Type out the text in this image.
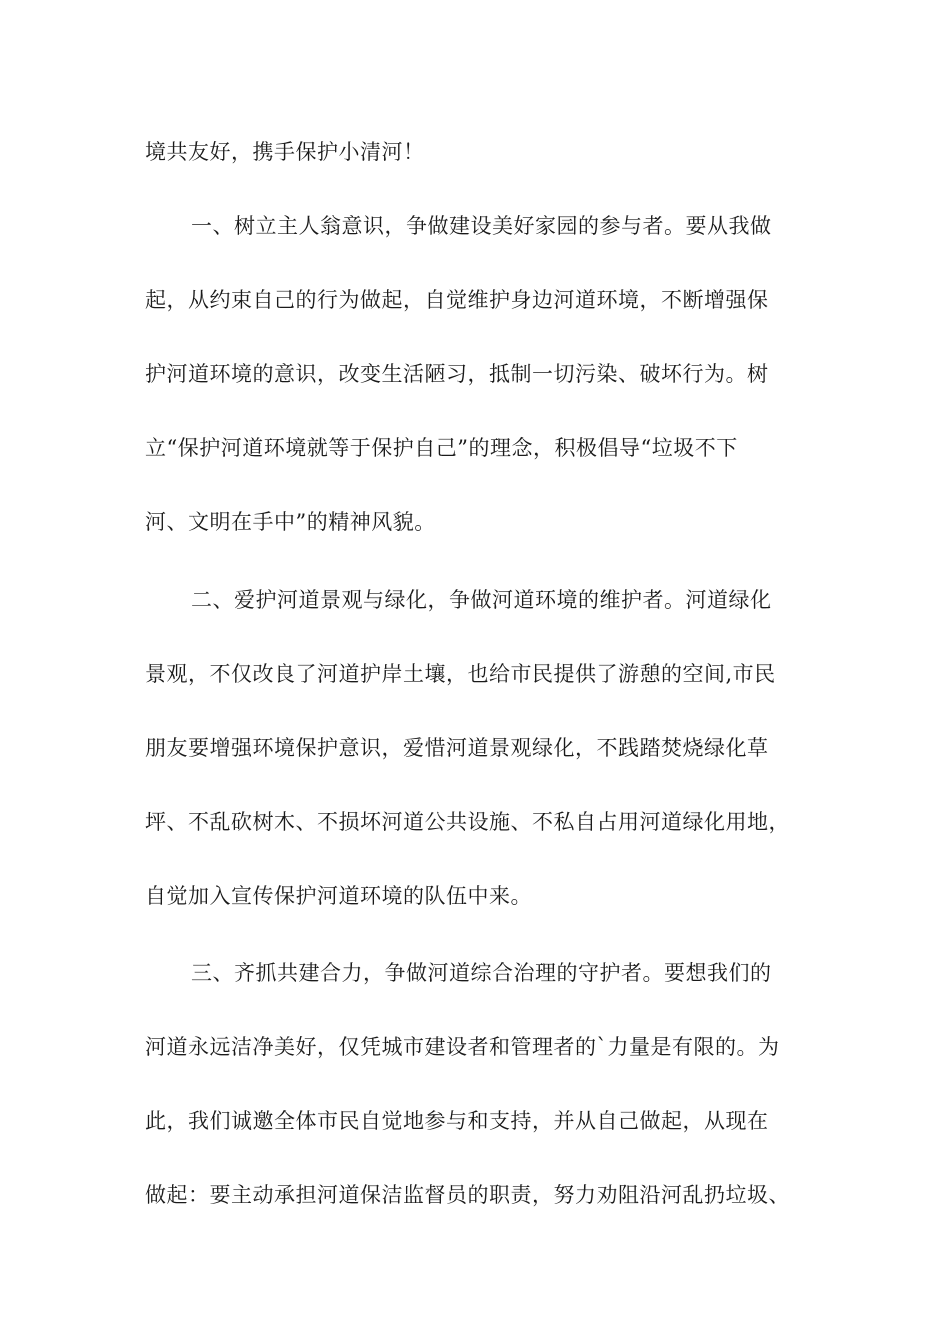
境共友好，携手保护小清河！

一、树立主人翁意识，争做建设美好家园的参与者。要从我做

起，从约束自己的行为做起，自觉维护身边河道环境，不断增强保

护河道环境的意识，改变生活陋习，抵制一切污染、破坏行为。树

立“保护河道环境就等于保护自己”的理念，积极倡导“垃圾不下

河、文明在手中”的精神风貌。

二、爱护河道景观与绿化，争做河道环境的维护者。河道绿化

景观，不仅改良了河道护岸土壤，也给市民提供了游憩的空间,市民

朋友要增强环境保护意识，爱惜河道景观绿化，不践踏焚烧绿化草

坪、不乱砍树木、不损坏河道公共设施、不私自占用河道绿化用地，

自觉加入宣传保护河道环境的队伍中来。

三、齐抓共建合力，争做河道综合治理的守护者。要想我们的

河道永远洁净美好，仅凭城市建设者和管理者的`力量是有限的。为

此，我们诚邀全体市民自觉地参与和支持，并从自己做起，从现在

做起：要主动承担河道保洁监督员的职责，努力劝阻沿河乱扔垃圾、
